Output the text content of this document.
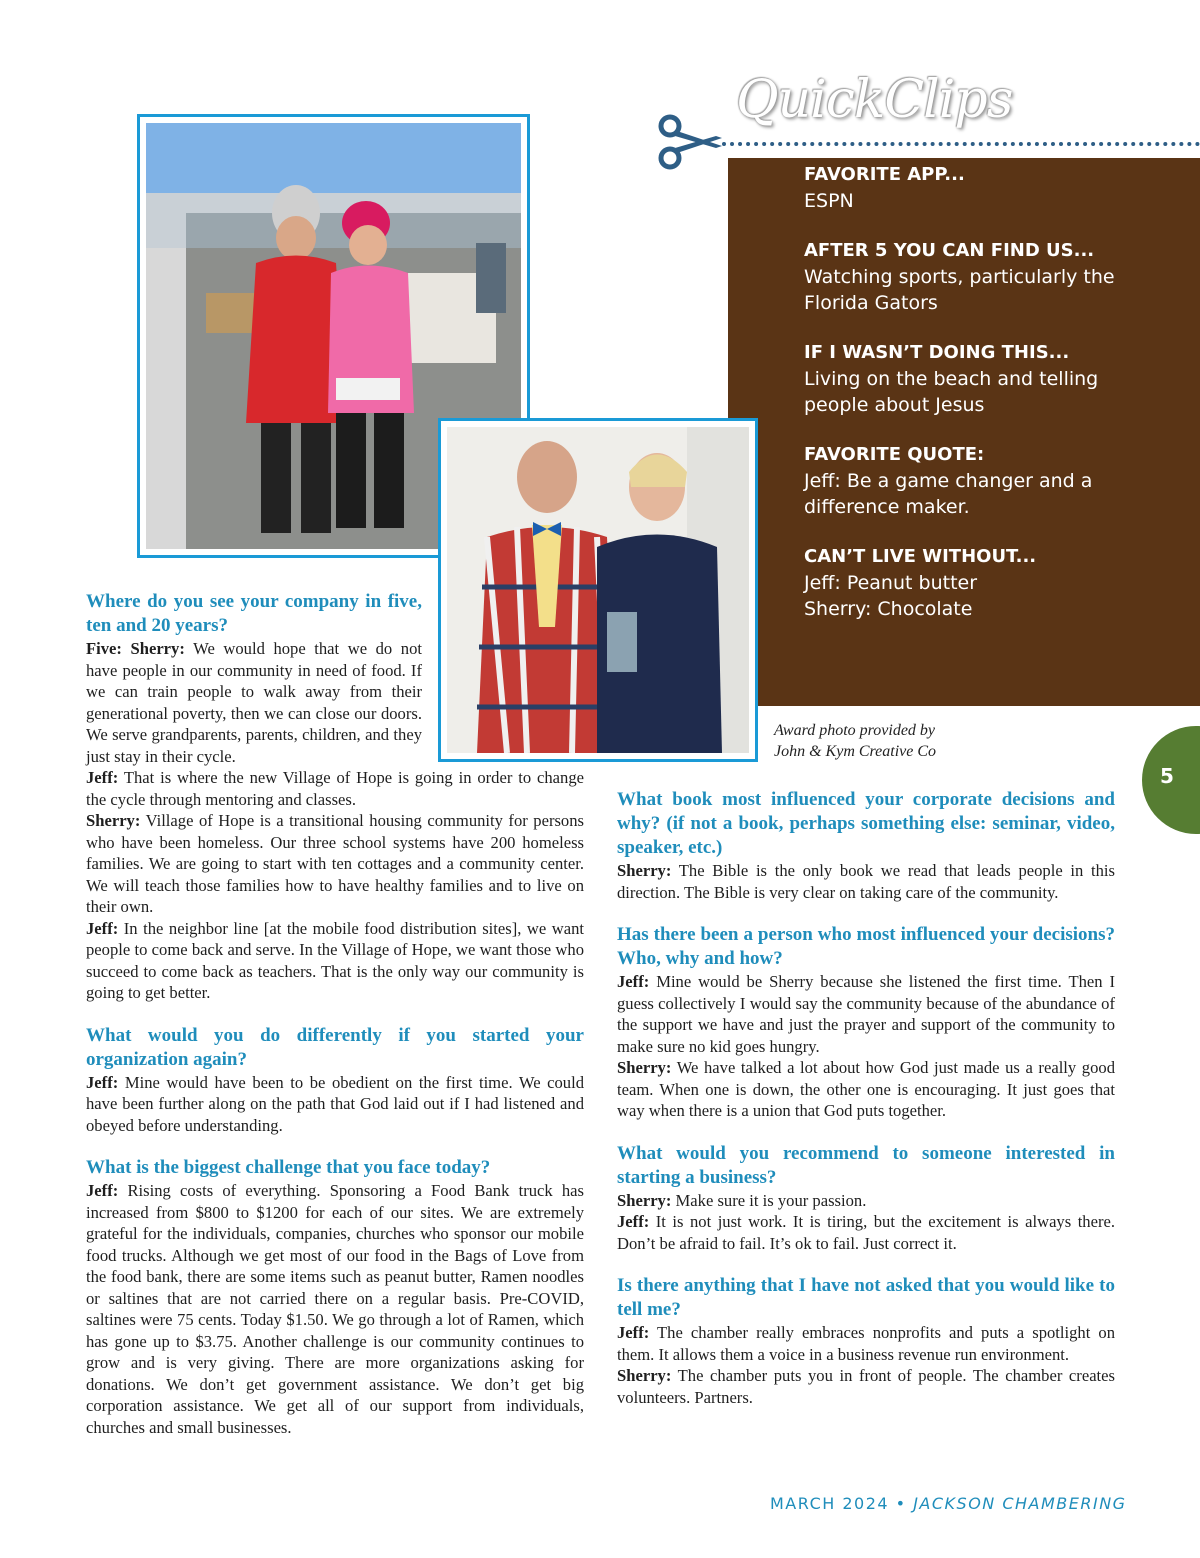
QuickClips
FAVORITE APP...
ESPN
AFTER 5 YOU CAN FIND US...
Watching sports, particularly the
Florida Gators
IF I WASN’T DOING THIS...
Living on the beach and telling
people about Jesus
FAVORITE QUOTE:
Jeff: Be a game changer and a
difference maker.
CAN’T LIVE WITHOUT...
Jeff: Peanut butter
Sherry: Chocolate
Award photo provided by
John & Kym Creative Co
5

Where do you see your company in five, ten and 20 years?

Five: Sherry: We would hope that we do not have people in our community in need of food. If we can train people to walk away from their generational poverty, then we can close our doors. We serve grandparents, parents, children, and they just stay in their cycle.

Jeff: That is where the new Village of Hope is going in order to change the cycle through mentoring and classes.

Sherry: Village of Hope is a transitional housing community for persons who have been homeless. Our three school systems have 200 homeless families. We are going to start with ten cottages and a community center. We will teach those families how to have healthy families and to live on their own.

Jeff: In the neighbor line [at the mobile food distribution sites], we want people to come back and serve. In the Village of Hope, we want those who succeed to come back as teachers. That is the only way our community is going to get better.

What would you do differently if you started your organization again?

Jeff: Mine would have been to be obedient on the first time. We could have been further along on the path that God laid out if I had listened and obeyed before understanding.

What is the biggest challenge that you face today?

Jeff: Rising costs of everything. Sponsoring a Food Bank truck has increased from $800 to $1200 for each of our sites. We are extremely grateful for the individuals, companies, churches who sponsor our mobile food trucks. Although we get most of our food in the Bags of Love from the food bank, there are some items such as peanut butter, Ramen noodles or saltines that are not carried there on a regular basis. Pre-COVID, saltines were 75 cents. Today $1.50. We go through a lot of Ramen, which has gone up to $3.75. Another challenge is our community continues to grow and is very giving. There are more organizations asking for donations. We don’t get government assistance. We don’t get big corporation assistance. We get all of our support from individuals, churches and small businesses.

What book most influenced your corporate decisions and why? (if not a book, perhaps something else: seminar, video, speaker, etc.)

Sherry: The Bible is the only book we read that leads people in this direction. The Bible is very clear on taking care of the community.

Has there been a person who most influenced your decisions? Who, why and how?

Jeff: Mine would be Sherry because she listened the first time. Then I guess collectively I would say the community because of the abundance of the support we have and just the prayer and support of the community to make sure no kid goes hungry.

Sherry: We have talked a lot about how God just made us a really good team. When one is down, the other one is encouraging. It just goes that way when there is a union that God puts together.

What would you recommend to someone interested in starting a business?

Sherry: Make sure it is your passion.

Jeff: It is not just work. It is tiring, but the excitement is always there. Don’t be afraid to fail. It’s ok to fail. Just correct it.

Is there anything that I have not asked that you would like to tell me?

Jeff: The chamber really embraces nonprofits and puts a spotlight on them. It allows them a voice in a business revenue run environment.

Sherry: The chamber puts you in front of people. The chamber creates volunteers. Partners.

MARCH 2024 • JACKSON CHAMBERING
